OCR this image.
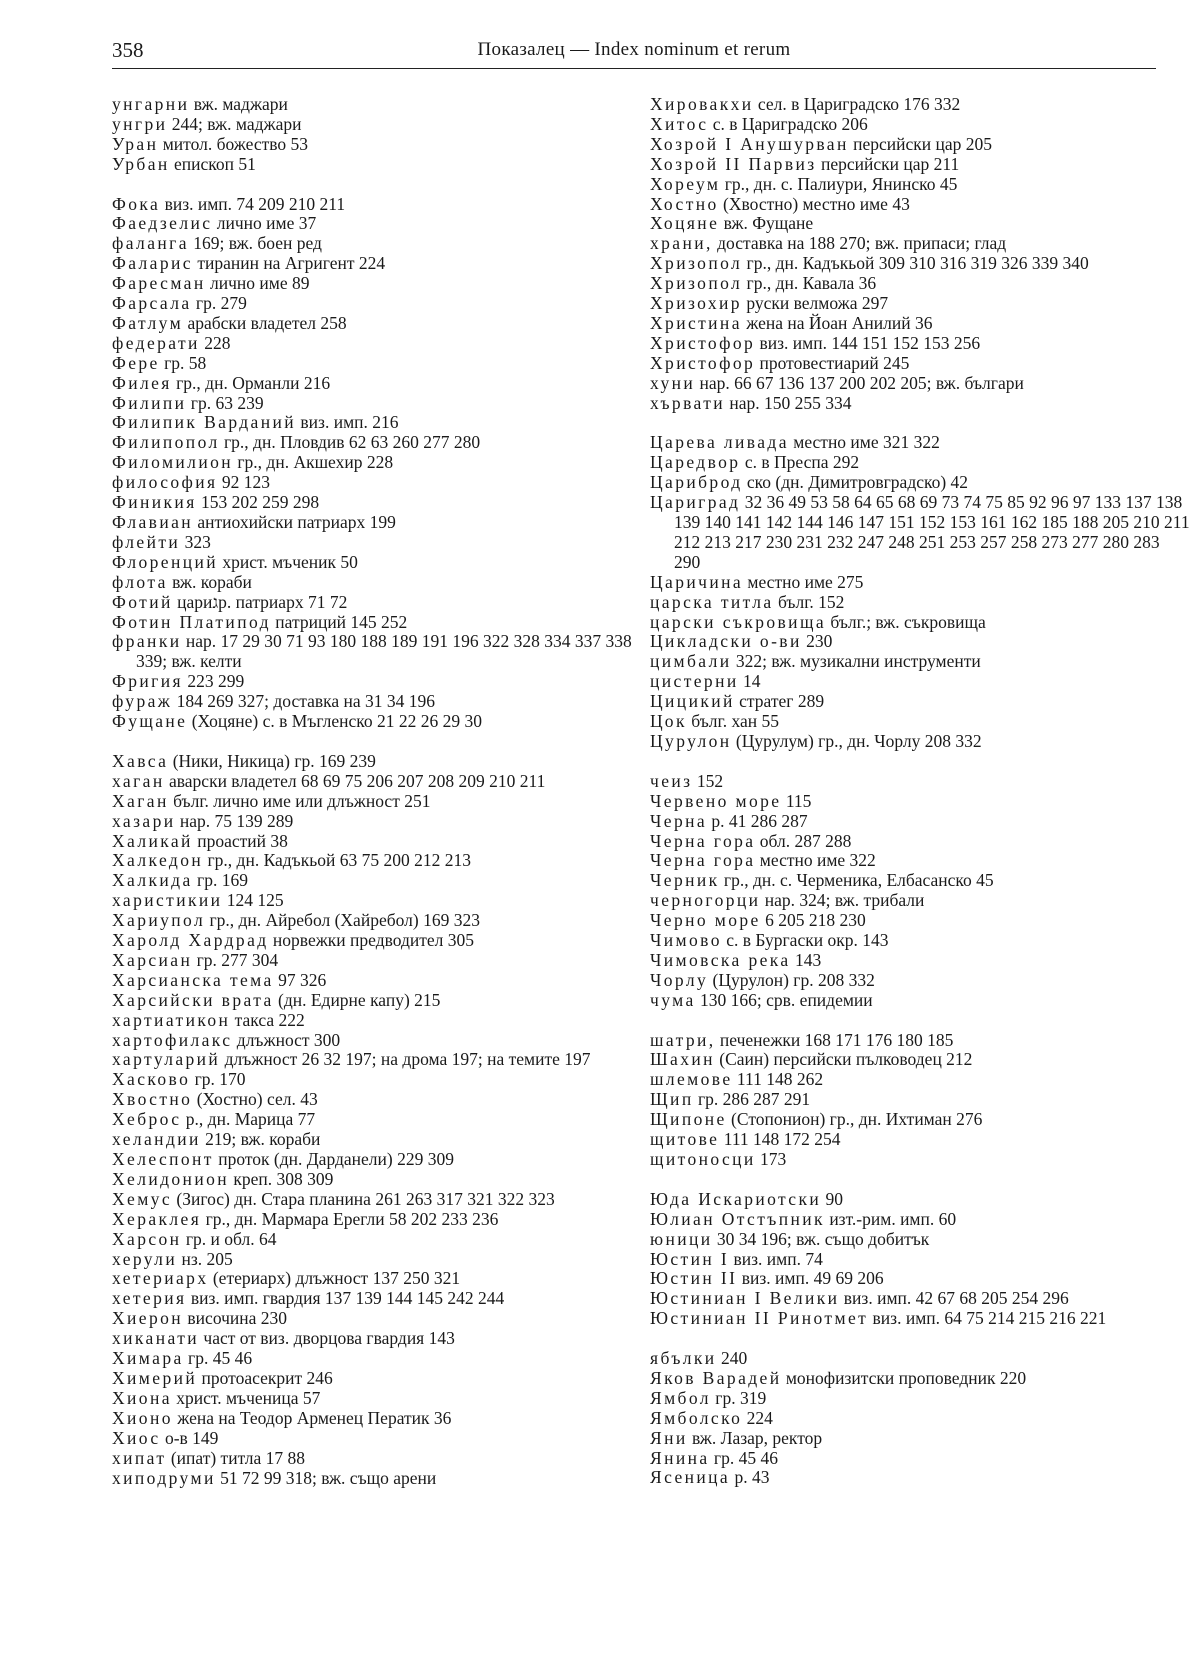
358	Показалец — Index nominum et rerum
унгарни вж. маджари
унгри 244; вж. маджари
Уран митол. божество 53
Урбан епископ 51
Фока виз. имп. 74 209 210 211
Фаедзелис лично име 37
фаланга 169; вж. боен ред
Фаларис тиранин на Агригент 224
Фаресман лично име 89
Фарсала гр. 279
Фатлум арабски владетел 258
федерати 228
Фере гр. 58
Филея гр., дн. Орманли 216
Филипи гр. 63 239
Филипик Варданий виз. имп. 216
Филипопол гр., дн. Пловдив 62 63 260 277 280
Филомилион гр., дн. Акшехир 228
философия 92 123
Финикия 153 202 259 298
Флавиан антиохийски патриарх 199
флейти 323
Флоренций христ. мъченик 50
флота вж. кораби
Фотий цариגр. патриарх 71 72
Фотин Платипод патриций 145 252
франки нар. 17 29 30 71 93 180 188 189 191 196 322 328 334 337 338 339; вж. келти
Фригия 223 299
фураж 184 269 327; доставка на 31 34 196
Фущане (Хоцяне) с. в Мъгленско 21 22 26 29 30
Хавса (Ники, Никица) гр. 169 239
хаган аварски владетел 68 69 75 206 207 208 209 210 211
Хаган бълг. лично име или длъжност 251
хазари нар. 75 139 289
Халикай проастий 38
Халкедон гр., дн. Кадъкьой 63 75 200 212 213
Халкида гр. 169
харистикии 124 125
Хариупол гр., дн. Айребол (Хайребол) 169 323
Харолд Хардрад норвежки предводител 305
Харсиан гр. 277 304
Харсианска тема 97 326
Харсийски врата (дн. Едирне капу) 215
хартиатикон такса 222
хартофилакс длъжност 300
хартуларий длъжност 26 32 197; на дрома 197; на темите 197
Хасково гр. 170
Хвостно (Хостно) сел. 43
Хеброс р., дн. Марица 77
хеландии 219; вж. кораби
Хелеспонт проток (дн. Дарданели) 229 309
Хелидонион креп. 308 309
Хемус (Зигос) дн. Стара планина 261 263 317 321 322 323
Хераклея гр., дн. Мармара Ерегли 58 202 233 236
Харсон гр. и обл. 64
херули нз. 205
хетериарх (етериарх) длъжност 137 250 321
хетерия виз. имп. гвардия 137 139 144 145 242 244
Хиерон височина 230
хиканати част от виз. дворцова гвардия 143
Химара гр. 45 46
Химерий протоасекрит 246
Хиона христ. мъченица 57
Хионо жена на Теодор Арменец Ператик 36
Хиос о-в 149
хипат (ипат) титла 17 88
хиподруми 51 72 99 318; вж. също арени
Хировакхи сел. в Цариградско 176 332
Хитос с. в Цариградско 206
Хозрой I Анушурван персийски цар 205
Хозрой II Парвиз персийски цар 211
Хореум гр., дн. с. Палиури, Янинско 45
Хостно (Хвостно) местно име 43
Хоцяне вж. Фущане
храни, доставка на 188 270; вж. припаси; глад
Хризопол гр., дн. Кадъкьой 309 310 316 319 326 339 340
Хризопол гр., дн. Кавала 36
Хризохир руски велможа 297
Христина жена на Йоан Анилий 36
Христофор виз. имп. 144 151 152 153 256
Христофор протовестиарий 245
хуни нар. 66 67 136 137 200 202 205; вж. българи
хървати нар. 150 255 334
Царева ливада местно име 321 322
Царедвор с. в Преспа 292
Цариброд ско (дн. Димитровградско) 42
Цариград 32 36 49 53 58 64 65 68 69 73 74 75 85 92 96 97 133 137 138 139 140 141 142 144 146 147 151 152 153 161 162 185 188 205 210 211 212 213 217 230 231 232 247 248 251 253 257 258 273 277 280 283 290
Царичина местно име 275
царска титла бълг. 152
царски съкровища бълг.; вж. съкровища
Цикладски о-ви 230
цимбали 322; вж. музикални инструменти
цистерни 14
Цицикий стратег 289
Цок бълг. хан 55
Цурулон (Цурулум) гр., дн. Чорлу 208 332
чеиз 152
Червено море 115
Черна р. 41 286 287
Черна гора обл. 287 288
Черна гора местно име 322
Черник гр., дн. с. Черменика, Елбасанско 45
черногорци нар. 324; вж. трибали
Черно море 6 205 218 230
Чимово с. в Бургаски окр. 143
Чимовска река 143
Чорлу (Цурулон) гр. 208 332
чума 130 166; срв. епидемии
шатри, печенежки 168 171 176 180 185
Шахин (Саин) персийски пълководец 212
шлемове 111 148 262
Щип гр. 286 287 291
Щипоне (Стопонион) гр., дн. Ихтиман 276
щитове 111 148 172 254
щитоносци 173
Юда Искариотски 90
Юлиан Отстъпник изт.-рим. имп. 60
юници 30 34 196; вж. също добитък
Юстин I виз. имп. 74
Юстин II виз. имп. 49 69 206
Юстиниан I Велики виз. имп. 42 67 68 205 254 296
Юстиниан II Ринотмет виз. имп. 64 75 214 215 216 221
ябълки 240
Яков Варадей монофизитски проповедник 220
Ямбол гр. 319
Ямболско 224
Яни вж. Лазар, ректор
Янина гр. 45 46
Ясеница р. 43
